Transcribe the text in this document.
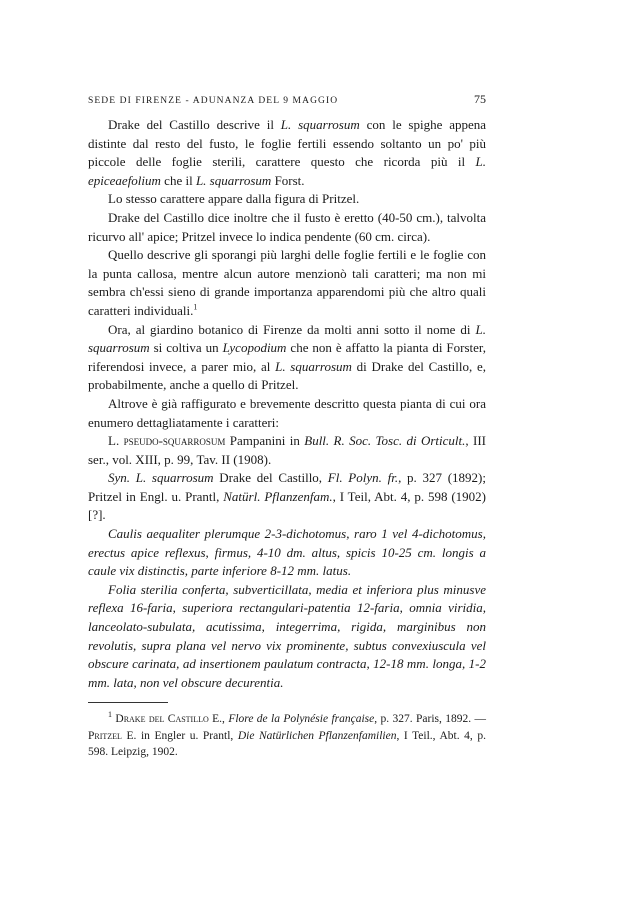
SEDE DI FIRENZE - ADUNANZA DEL 9 MAGGIO	75

Drake del Castillo descrive il L. squarrosum con le spighe appena distinte dal resto del fusto, le foglie fertili essendo soltanto un po' più piccole delle foglie sterili, carattere questo che ricorda più il L. epiceaefolium che il L. squarrosum Forst.

Lo stesso carattere appare dalla figura di Pritzel.

Drake del Castillo dice inoltre che il fusto è eretto (40-50 cm.), talvolta ricurvo all' apice; Pritzel invece lo indica pendente (60 cm. circa).

Quello descrive gli sporangi più larghi delle foglie fertili e le foglie con la punta callosa, mentre alcun autore menzionò tali caratteri; ma non mi sembra ch'essi sieno di grande importanza apparendomi più che altro quali caratteri individuali.$^1$

Ora, al giardino botanico di Firenze da molti anni sotto il nome di L. squarrosum si coltiva un Lycopodium che non è affatto la pianta di Forster, riferendosi invece, a parer mio, al L. squarrosum di Drake del Castillo, e, probabilmente, anche a quello di Pritzel.

Altrove è già raffigurato e brevemente descritto questa pianta di cui ora enumero dettagliatamente i caratteri:

L. pseudo-squarrosum Pampanini in Bull. R. Soc. Tosc. di Orticult., III ser., vol. XIII, p. 99, Tav. II (1908).

Syn. L. squarrosum Drake del Castillo, Fl. Polyn. fr., p. 327 (1892); Pritzel in Engl. u. Prantl, Natürl. Pflanzenfam., I Teil, Abt. 4, p. 598 (1902) [?].

Caulis aequaliter plerumque 2-3-dichotomus, raro 1 vel 4-dichotomus, erectus apice reflexus, firmus, 4-10 dm. altus, spicis 10-25 cm. longis a caule vix distinctis, parte inferiore 8-12 mm. latus.

Folia sterilia conferta, subverticillata, media et inferiora plus minusve reflexa 16-faria, superiora rectangulari-patentia 12-faria, omnia viridia, lanceolato-subulata, acutissima, integerrima, rigida, marginibus non revolutis, supra plana vel nervo vix prominente, subtus convexiuscula vel obscure carinata, ad insertionem paulatum contracta, 12-18 mm. longa, 1-2 mm. lata, non vel obscure decurentia.

$^1$ Drake del Castillo E., Flore de la Polynésie française, p. 327. Paris, 1892. — Pritzel E. in Engler u. Prantl, Die Natürlichen Pflanzenfamilien, I Teil., Abt. 4, p. 598. Leipzig, 1902.
